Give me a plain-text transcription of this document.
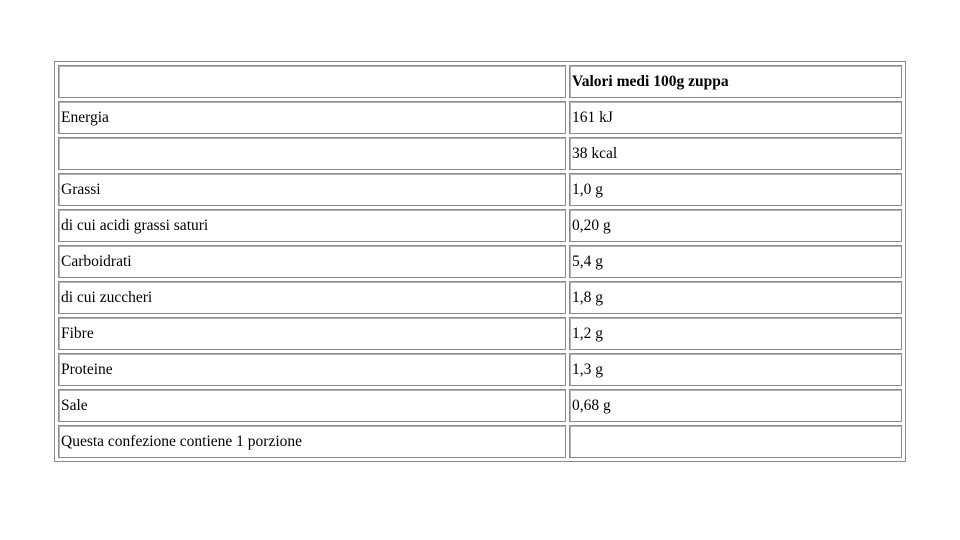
	Valori medi 100g zuppa
Energia	161 kJ
	38 kcal
Grassi	1,0 g
di cui acidi grassi saturi	0,20 g
Carboidrati	5,4 g
di cui zuccheri	1,8 g
Fibre	1,2 g
Proteine	1,3 g
Sale	0,68 g
Questa confezione contiene 1 porzione	
